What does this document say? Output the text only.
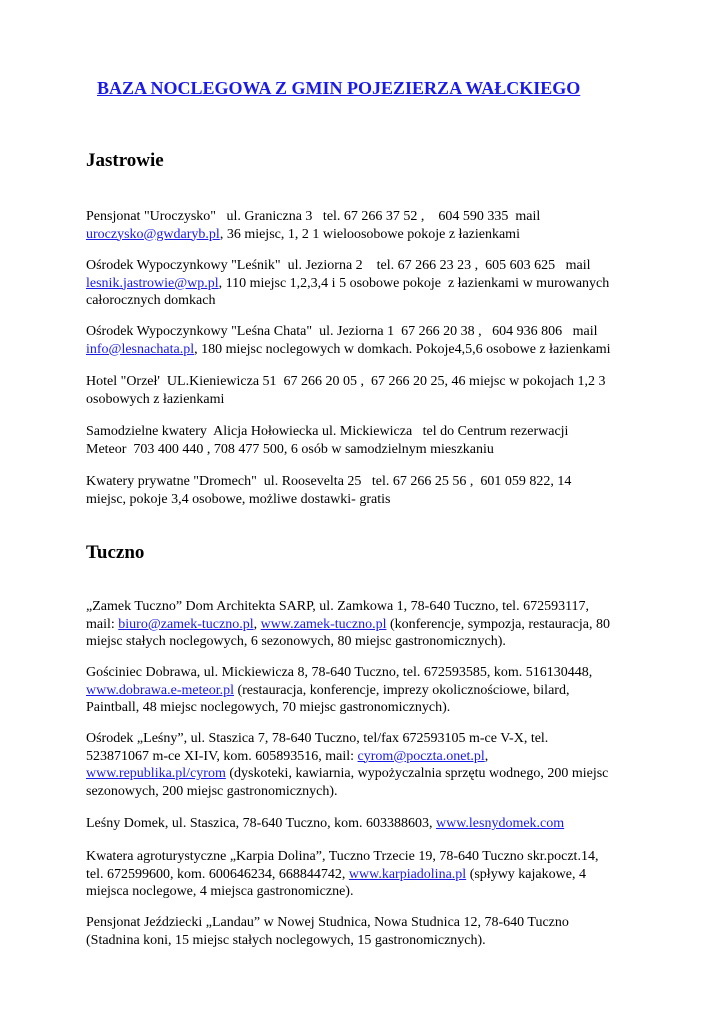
BAZA NOCLEGOWA Z GMIN POJEZIERZA WAŁCKIEGO
Jastrowie
Pensjonat "Uroczysko"   ul. Graniczna 3   tel. 67 266 37 52 ,    604 590 335  mail
uroczysko@gwdaryb.pl, 36 miejsc, 1, 2 1 wieloosobowe pokoje z łazienkami
Ośrodek Wypoczynkowy "Leśnik"  ul. Jeziorna 2    tel. 67 266 23 23 ,  605 603 625   mail
lesnik.jastrowie@wp.pl, 110 miejsc 1,2,3,4 i 5 osobowe pokoje  z łazienkami w murowanych
całorocznych domkach
Ośrodek Wypoczynkowy "Leśna Chata"  ul. Jeziorna 1  67 266 20 38 ,   604 936 806   mail
info@lesnachata.pl, 180 miejsc noclegowych w domkach. Pokoje4,5,6 osobowe z łazienkami
Hotel "Orzeł'  UL.Kieniewicza 51  67 266 20 05 ,  67 266 20 25, 46 miejsc w pokojach 1,2 3
osobowych z łazienkami
Samodzielne kwatery  Alicja Hołowiecka ul. Mickiewicza   tel do Centrum rezerwacji
Meteor  703 400 440 , 708 477 500, 6 osób w samodzielnym mieszkaniu
Kwatery prywatne "Dromech"  ul. Roosevelta 25   tel. 67 266 25 56 ,  601 059 822, 14
miejsc, pokoje 3,4 osobowe, możliwe dostawki- gratis
Tuczno
„Zamek Tuczno” Dom Architekta SARP, ul. Zamkowa 1, 78-640 Tuczno, tel. 672593117,
mail: biuro@zamek-tuczno.pl, www.zamek-tuczno.pl (konferencje, sympozja, restauracja, 80
miejsc stałych noclegowych, 6 sezonowych, 80 miejsc gastronomicznych).
Gościniec Dobrawa, ul. Mickiewicza 8, 78-640 Tuczno, tel. 672593585, kom. 516130448,
www.dobrawa.e-meteor.pl (restauracja, konferencje, imprezy okolicznościowe, bilard,
Paintball, 48 miejsc noclegowych, 70 miejsc gastronomicznych).
Ośrodek „Leśny”, ul. Staszica 7, 78-640 Tuczno, tel/fax 672593105 m-ce V-X, tel.
523871067 m-ce XI-IV, kom. 605893516, mail: cyrom@poczta.onet.pl,
www.republika.pl/cyrom (dyskoteki, kawiarnia, wypożyczalnia sprzętu wodnego, 200 miejsc
sezonowych, 200 miejsc gastronomicznych).
Leśny Domek, ul. Staszica, 78-640 Tuczno, kom. 603388603, www.lesnydomek.com
Kwatera agroturystyczne „Karpia Dolina”, Tuczno Trzecie 19, 78-640 Tuczno skr.poczt.14,
tel. 672599600, kom. 600646234, 668844742, www.karpiadolina.pl (spływy kajakowe, 4
miejsca noclegowe, 4 miejsca gastronomiczne).
Pensjonat Jeździecki „Landau” w Nowej Studnica, Nowa Studnica 12, 78-640 Tuczno
(Stadnina koni, 15 miejsc stałych noclegowych, 15 gastronomicznych).
